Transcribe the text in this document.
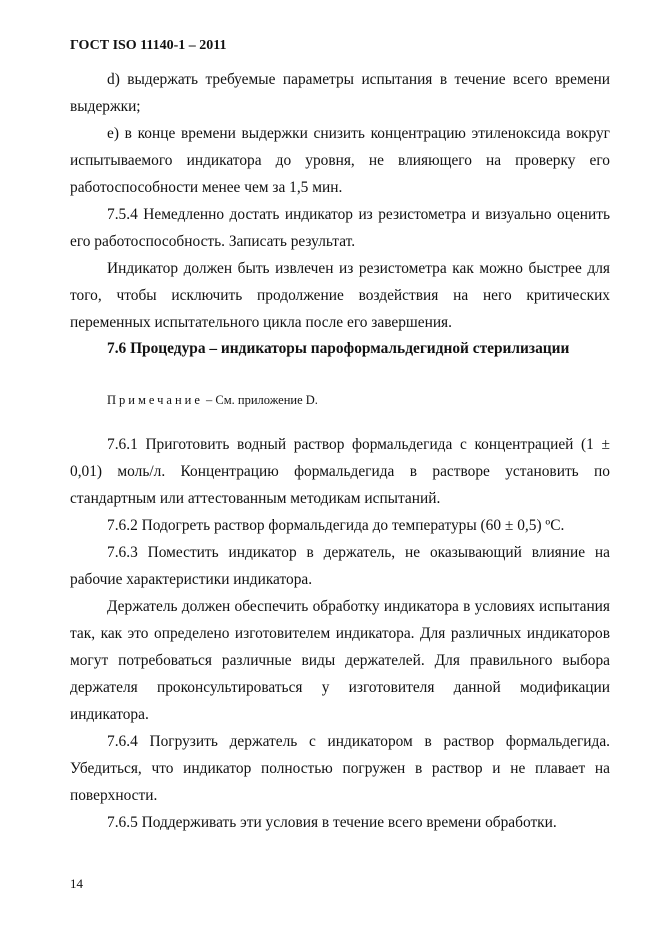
ГОСТ ISO 11140-1 – 2011

d) выдержать требуемые параметры испытания в течение всего времени выдержки;

е) в конце времени выдержки снизить концентрацию этиленоксида вокруг испытываемого индикатора до уровня, не влияющего на проверку его работоспособности менее чем за 1,5 мин.

7.5.4 Немедленно достать индикатор из резистометра и визуально оценить его работоспособность. Записать результат.

Индикатор должен быть извлечен из резистометра как можно быстрее для того, чтобы исключить продолжение воздействия на него критических переменных испытательного цикла после его завершения.

7.6 Процедура – индикаторы пароформальдегидной стерилизации

Примечание – См. приложение D.

7.6.1 Приготовить водный раствор формальдегида с концентрацией (1 ± 0,01) моль/л. Концентрацию формальдегида в растворе установить по стандартным или аттестованным методикам испытаний.

7.6.2 Подогреть раствор формальдегида до температуры (60 ± 0,5) ºС.

7.6.3 Поместить индикатор в держатель, не оказывающий влияние на рабочие характеристики индикатора.

Держатель должен обеспечить обработку индикатора в условиях испытания так, как это определено изготовителем индикатора. Для различных индикаторов могут потребоваться различные виды держателей. Для правильного выбора держателя проконсультироваться у изготовителя данной модификации индикатора.

7.6.4 Погрузить держатель с индикатором в раствор формальдегида. Убедиться, что индикатор полностью погружен в раствор и не плавает на поверхности.

7.6.5 Поддерживать эти условия в течение всего времени обработки.

14
